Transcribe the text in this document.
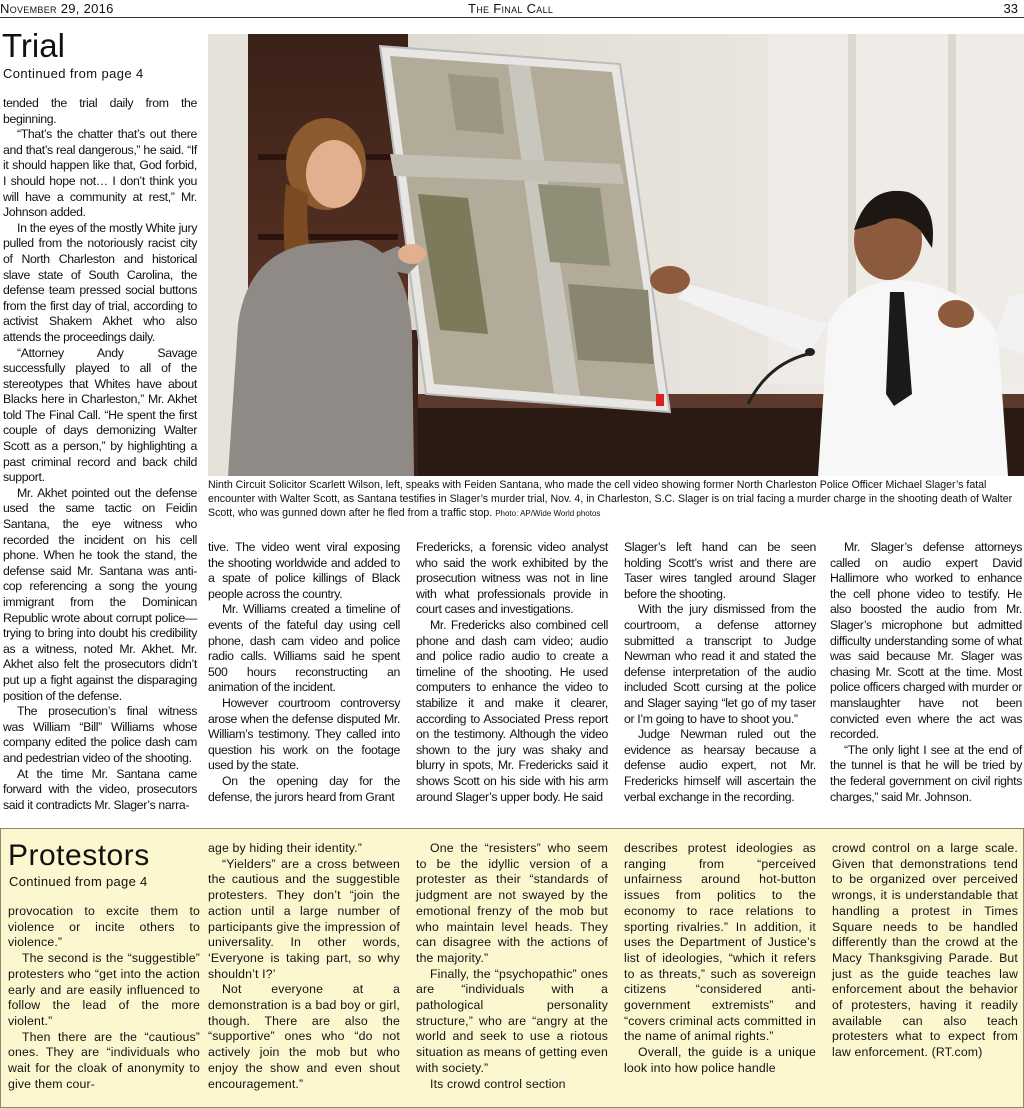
November 29, 2016	The Final Call	33
Trial
Continued from page 4
Ninth Circuit Solicitor Scarlett Wilson, left, speaks with Feiden Santana, who made the cell video showing former North Charleston Police Officer Michael Slager’s fatal encounter with Walter Scott, as Santana testifies in Slager’s murder trial, Nov. 4, in Charleston, S.C. Slager is on trial facing a murder charge in the shooting death of Walter Scott, who was gunned down after he fled from a traffic stop. Photo: AP/Wide World photos

tended the trial daily from the beginning.

“That’s the chatter that’s out there and that’s real dangerous,” he said. “If it should happen like that, God forbid, I should hope not… I don’t think you will have a community at rest,” Mr. Johnson added.

In the eyes of the mostly White jury pulled from the notoriously racist city of North Charleston and historical slave state of South Carolina, the defense team pressed social buttons from the first day of trial, according to activist Shakem Akhet who also attends the proceedings daily.

“Attorney Andy Savage successfully played to all of the stereotypes that Whites have about Blacks here in Charleston,” Mr. Akhet told The Final Call. “He spent the first couple of days demonizing Walter Scott as a person,” by highlighting a past criminal record and back child support.

Mr. Akhet pointed out the defense used the same tactic on Feidin Santana, the eye witness who recorded the incident on his cell phone. When he took the stand, the defense said Mr. Santana was anti-cop referencing a song the young immigrant from the Dominican Republic wrote about corrupt police—trying to bring into doubt his credibility as a witness, noted Mr. Akhet. Mr. Akhet also felt the prosecutors didn’t put up a fight against the disparaging position of the defense.

The prosecution’s final witness was William “Bill” Williams whose company edited the police dash cam and pedestrian video of the shooting.

At the time Mr. Santana came forward with the video, prosecutors said it contradicts Mr. Slager’s narra-

tive. The video went viral exposing the shooting worldwide and added to a spate of police killings of Black people across the country.

Mr. Williams created a timeline of events of the fateful day using cell phone, dash cam video and police radio calls. Williams said he spent 500 hours reconstructing an animation of the incident.

However courtroom controversy arose when the defense disputed Mr. William’s testimony. They called into question his work on the footage used by the state.

On the opening day for the defense, the jurors heard from Grant

Fredericks, a forensic video analyst who said the work exhibited by the prosecution witness was not in line with what professionals provide in court cases and investigations.

Mr. Fredericks also combined cell phone and dash cam video; audio and police radio audio to create a timeline of the shooting. He used computers to enhance the video to stabilize it and make it clearer, according to Associated Press report on the testimony. Although the video shown to the jury was shaky and blurry in spots, Mr. Fredericks said it shows Scott on his side with his arm around Slager’s upper body. He said

Slager’s left hand can be seen holding Scott’s wrist and there are Taser wires tangled around Slager before the shooting.

With the jury dismissed from the courtroom, a defense attorney submitted a transcript to Judge Newman who read it and stated the defense interpretation of the audio included Scott cursing at the police and Slager saying “let go of my taser or I’m going to have to shoot you.”

Judge Newman ruled out the evidence as hearsay because a defense audio expert, not Mr. Fredericks himself will ascertain the verbal exchange in the recording.

Mr. Slager’s defense attorneys called on audio expert David Hallimore who worked to enhance the cell phone video to testify. He also boosted the audio from Mr. Slager’s microphone but admitted difficulty understanding some of what was said because Mr. Slager was chasing Mr. Scott at the time. Most police officers charged with murder or manslaughter have not been convicted even where the act was recorded.

“The only light I see at the end of the tunnel is that he will be tried by the federal government on civil rights charges,” said Mr. Johnson.

Protestors
Continued from page 4

provocation to excite them to violence or incite others to violence.”

The second is the “suggestible” protesters who “get into the action early and are easily influenced to follow the lead of the more violent.”

Then there are the “cautious” ones. They are “individuals who wait for the cloak of anonymity to give them cour-

age by hiding their identity.”

“Yielders” are a cross between the cautious and the suggestible protesters. They don’t “join the action until a large number of participants give the impression of universality. In other words, ‘Everyone is taking part, so why shouldn’t I?’

Not everyone at a demonstration is a bad boy or girl, though. There are also the “supportive” ones who “do not actively join the mob but who enjoy the show and even shout encouragement.”

One the “resisters” who seem to be the idyllic version of a protester as their “standards of judgment are not swayed by the emotional frenzy of the mob but who maintain level heads. They can disagree with the actions of the majority.”

Finally, the “psychopathic” ones are “individuals with a pathological personality structure,” who are “angry at the world and seek to use a riotous situation as means of getting even with society.”

Its crowd control section

describes protest ideologies as ranging from “perceived unfairness around hot-button issues from politics to the economy to race relations to sporting rivalries.” In addition, it uses the Department of Justice’s list of ideologies, “which it refers to as threats,” such as sovereign citizens “considered anti-government extremists” and “covers criminal acts committed in the name of animal rights.”

Overall, the guide is a unique look into how police handle

crowd control on a large scale. Given that demonstrations tend to be organized over perceived wrongs, it is understandable that handling a protest in Times Square needs to be handled differently than the crowd at the Macy Thanksgiving Parade. But just as the guide teaches law enforcement about the behavior of protesters, having it readily available can also teach protesters what to expect from law enforcement. (RT.com)
